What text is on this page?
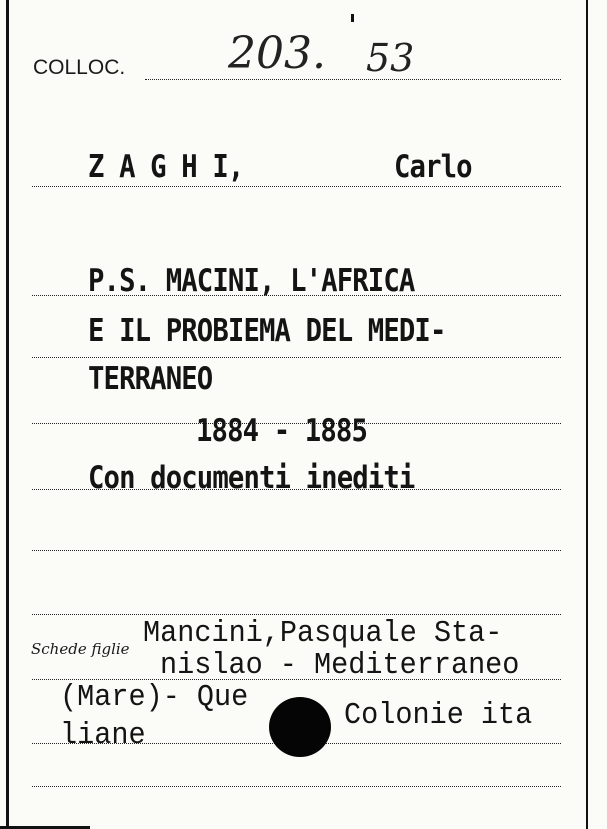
COLLOC. 203. 53
Z A G H I,	Carlo
P.S. MACINI, L'AFRICA
E IL PROBIEMA DEL MEDI-
TERRANEO
1884 - 1885
Con documenti inediti
Schede figlie Mancini,Pasquale Sta-
nislao - Mediterraneo
(Mare)- Que
Colonie ita
liane
